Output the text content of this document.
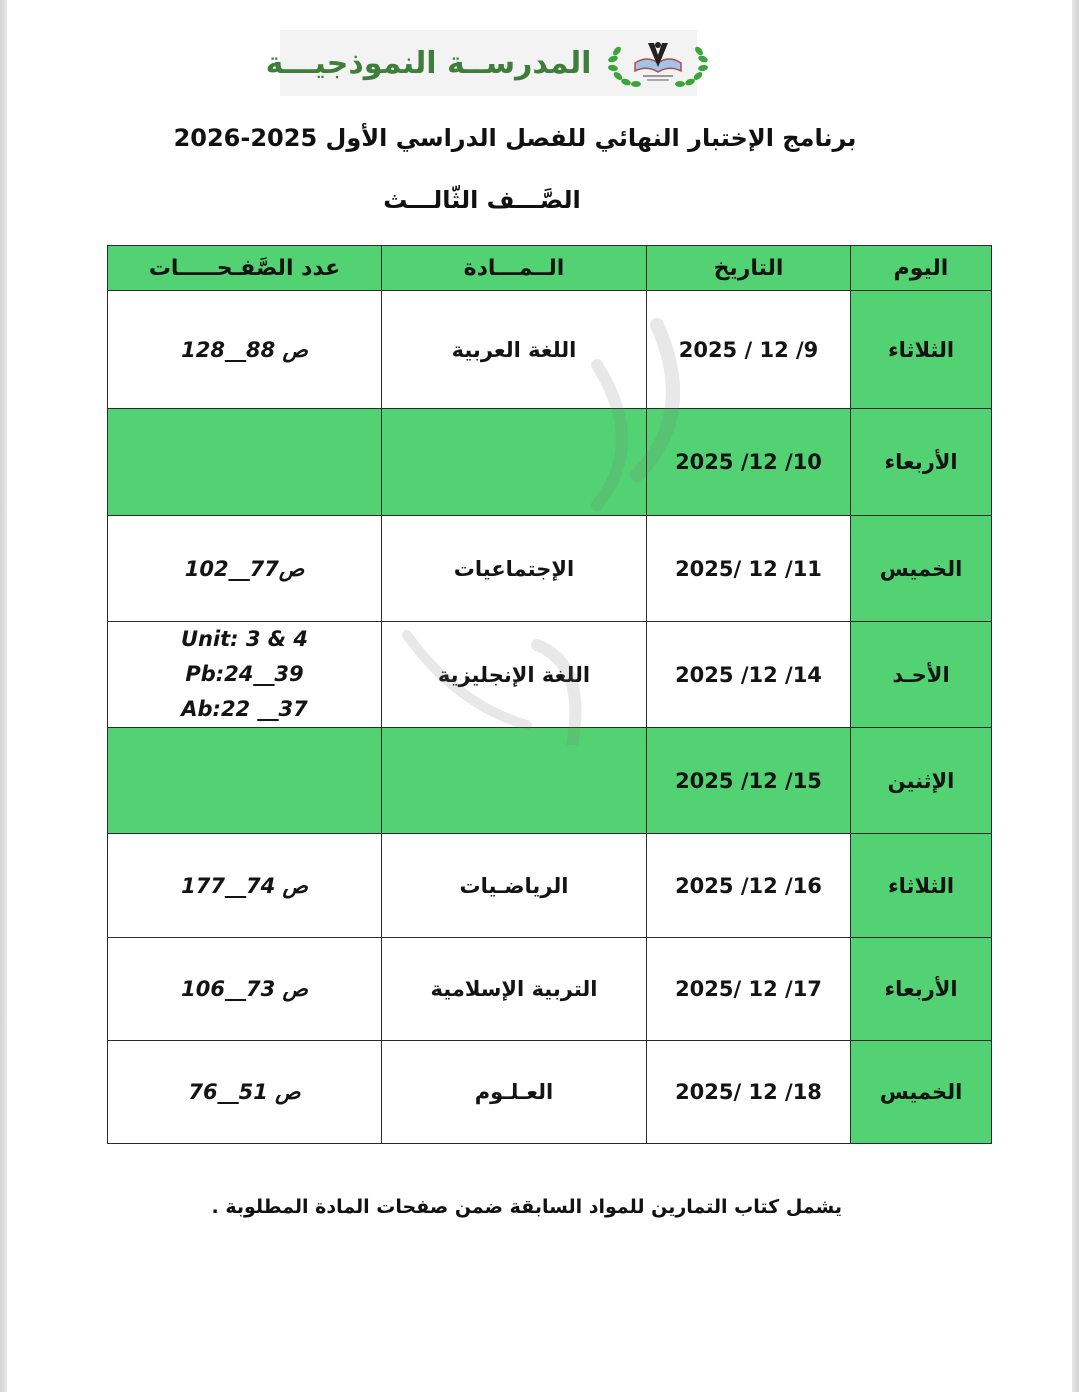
المدرســة النموذجيـــة
برنامج الإختبار النهائي للفصل الدراسي الأول 2025-2026
الصَّـــف الثّالـــث
اليوم	التاريخ	الــمـــادة	عدد الصَّفـحـــــات
الثلاثاء	2025 / 12 /9	اللغة العربية	ص 88__128
الأربعاء	2025 /12 /10		
الخميس	2025/ 12 /11	الإجتماعيات	ص77__102
الأحـد	2025 /12 /14	اللغة الإنجليزية	Unit: 3 & 4
Pb:24__39
Ab:22 __37

الإثنين	2025 /12 /15		
الثلاثاء	2025 /12 /16	الرياضـيات	ص 74__177
الأربعاء	2025/ 12 /17	التربية الإسلامية	ص 73__106
الخميس	2025/ 12 /18	العـلـوم	ص 51__76
يشمل كتاب التمارين للمواد السابقة ضمن صفحات المادة المطلوبة .
